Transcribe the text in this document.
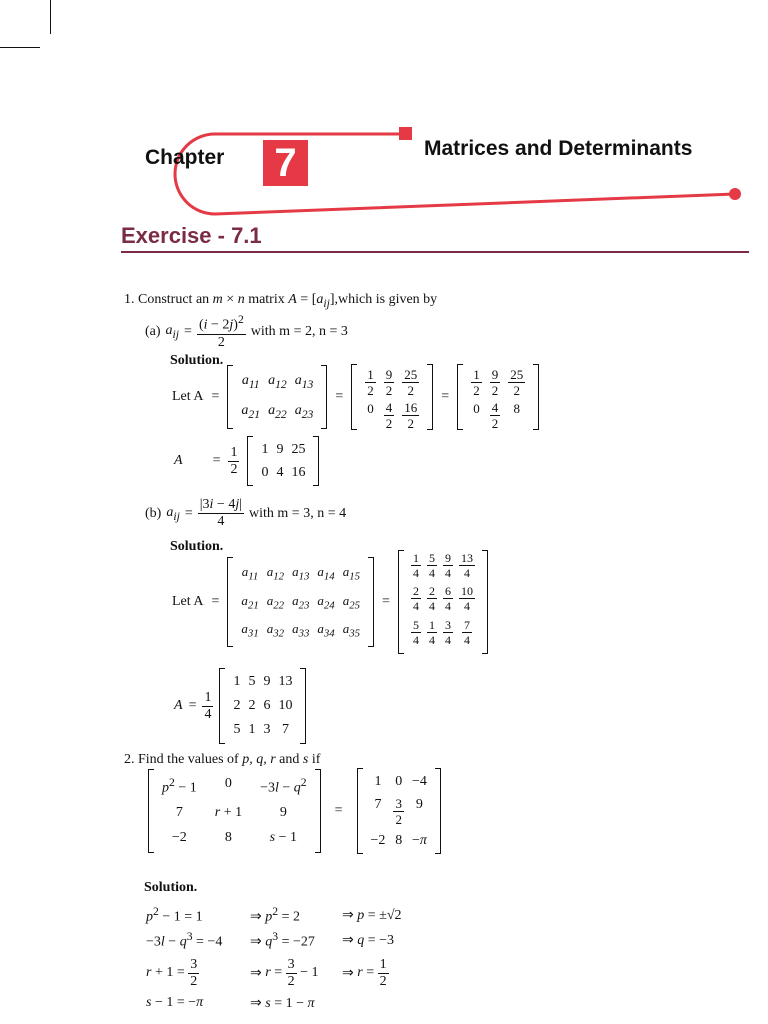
Chapter 7	Matrices and Determinants
Exercise - 7.1
1. Construct an m × n matrix $A = [a_{ij}],which$ is given by
(a) $a_{ij} = \frac{(i - 2j)^2}{2}$ with m = 2, n = 3
Solution.
Let A =
$a_{11}$ $a_{12}$ $a_{13}$
$a_{21}$ $a_{22}$ $a_{23}$
= $\frac{1}{2} \frac{9}{2} \frac{25}{2}$
$0 \frac{4}{2} \frac{16}{2}$
= $\frac{1}{2} \frac{9}{2} \frac{25}{2}$
$0 \frac{4}{2} 8$
$A = \frac{1}{2} 1$ 9 25
0 4 16
(b) $a_{ij} = \frac{|3i - 4j|}{4}$ with m = 3, n = 4
Solution.
Let A =
$a_{11}$ $a_{12}$ $a_{13}$ $a_{14}$ $a_{15}$
$a_{21}$ $a_{22}$ $a_{23}$ $a_{24}$ $a_{25}$
$a_{31}$ $a_{32}$ $a_{33}$ $a_{34}$ $a_{35}$
=
$\frac{1}{4} \frac{5}{4} \frac{9}{4} \frac{13}{4}$
$\frac{2}{4} \frac{2}{4} \frac{6}{4} \frac{10}{4}$
$\frac{5}{4} \frac{1}{4} \frac{3}{4} \frac{7}{4}$
$A = \frac{1}{4}$
1 5 9 13
2 2 6 10
5 1 3 7
2. Find the values of p, q, r and s if
$p^2 - 1$	0	$-3l - q^2$
7	r + 1	9
−2	8	s − 1
=
1 0 −4
$7 \frac{3}{2} 9$
−2 8 −π
Solution.
$p^2 - 1 = 1$	⇒ $p^2 = 2$	⇒ p = ±√2
$-3l - q^3 = -4$	⇒ $q^3 = -27$	⇒ q = −3
$r + 1 = \frac{3}{2}$	⇒ $r = \frac{3}{2} - 1$	⇒ $r = \frac{1}{2}$
s − 1 = −π	⇒ s = 1 − π
